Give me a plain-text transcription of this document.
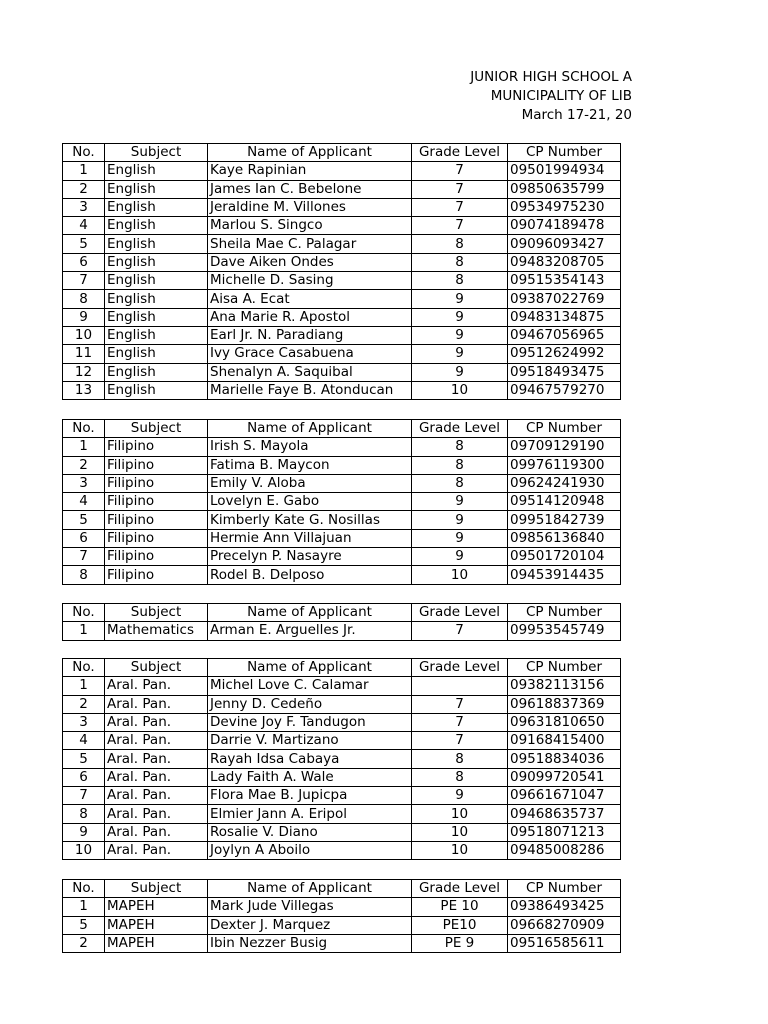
JUNIOR HIGH SCHOOL A
MUNICIPALITY OF LIB
March 17-21, 20
No.	Subject	Name of Applicant	Grade Level	CP Number
1	English	Kaye Rapinian	7	09501994934
2	English	James Ian C. Bebelone	7	09850635799
3	English	Jeraldine M. Villones	7	09534975230
4	English	Marlou S. Singco	7	09074189478
5	English	Sheila Mae C. Palagar	8	09096093427
6	English	Dave Aiken Ondes	8	09483208705
7	English	Michelle D. Sasing	8	09515354143
8	English	Aisa A. Ecat	9	09387022769
9	English	Ana Marie R. Apostol	9	09483134875
10	English	Earl Jr. N. Paradiang	9	09467056965
11	English	Ivy Grace Casabuena	9	09512624992
12	English	Shenalyn A. Saquibal	9	09518493475
13	English	Marielle Faye B. Atonducan	10	09467579270
No.	Subject	Name of Applicant	Grade Level	CP Number
1	Filipino	Irish S. Mayola	8	09709129190
2	Filipino	Fatima B. Maycon	8	09976119300
3	Filipino	Emily V. Aloba	8	09624241930
4	Filipino	Lovelyn E. Gabo	9	09514120948
5	Filipino	Kimberly Kate G. Nosillas	9	09951842739
6	Filipino	Hermie Ann Villajuan	9	09856136840
7	Filipino	Precelyn P. Nasayre	9	09501720104
8	Filipino	Rodel B. Delposo	10	09453914435
No.	Subject	Name of Applicant	Grade Level	CP Number
1	Mathematics	Arman E. Arguelles Jr.	7	09953545749
No.	Subject	Name of Applicant	Grade Level	CP Number
1	Aral. Pan.	Michel Love C. Calamar		09382113156
2	Aral. Pan.	Jenny D. Cedeño	7	09618837369
3	Aral. Pan.	Devine Joy F. Tandugon	7	09631810650
4	Aral. Pan.	Darrie V. Martizano	7	09168415400
5	Aral. Pan.	Rayah Idsa Cabaya	8	09518834036
6	Aral. Pan.	Lady Faith A. Wale	8	09099720541
7	Aral. Pan.	Flora Mae B. Jupicpa	9	09661671047
8	Aral. Pan.	Elmier Jann A. Eripol	10	09468635737
9	Aral. Pan.	Rosalie V. Diano	10	09518071213
10	Aral. Pan.	Joylyn A Aboilo	10	09485008286
No.	Subject	Name of Applicant	Grade Level	CP Number
1	MAPEH	Mark Jude Villegas	PE 10	09386493425
5	MAPEH	Dexter J. Marquez	PE10	09668270909
2	MAPEH	Ibin Nezzer Busig	PE 9	09516585611
